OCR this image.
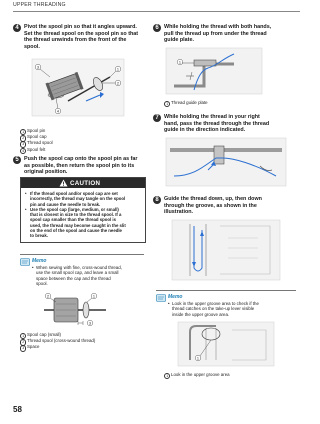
UPPER THREADING
4 Pivot the spool pin so that it angles upward.
Set the thread spool on the spool pin so that
the thread unwinds from the front of the
spool.
1
2
3
4
1 Spool pin
2 Spool cap
3 Thread spool
4 Spool felt
5 Push the spool cap onto the spool pin as far
as possible, then return the spool pin to its
original position.
CAUTION
• If the thread spool and/or spool cap are set
incorrectly, the thread may tangle on the spool
pin and cause the needle to break.
• Use the spool cap (large, medium, or small)
that is closest in size to the thread spool. If a
spool cap smaller than the thread spool is
used, the thread may become caught in the slit
on the end of the spool and cause the needle
to break.
Memo
• When sewing with fine, cross-wound thread,
use the small spool cap, and leave a small
space between the cap and the thread
spool.
1
2
3
1 Spool cap (small)
2 Thread spool (cross-wound thread)
3 Space
58
6 While holding the thread with both hands,
pull the thread up from under the thread
guide plate.
1
1 Thread guide plate
7 While holding the thread in your right
hand, pass the thread through the thread
guide in the direction indicated.
8 Guide the thread down, up, then down
through the groove, as shown in the
illustration.
Memo
• Look in the upper groove area to check if the
thread catches on the take-up lever visible
inside the upper groove area.
1
1 Look in the upper groove area
